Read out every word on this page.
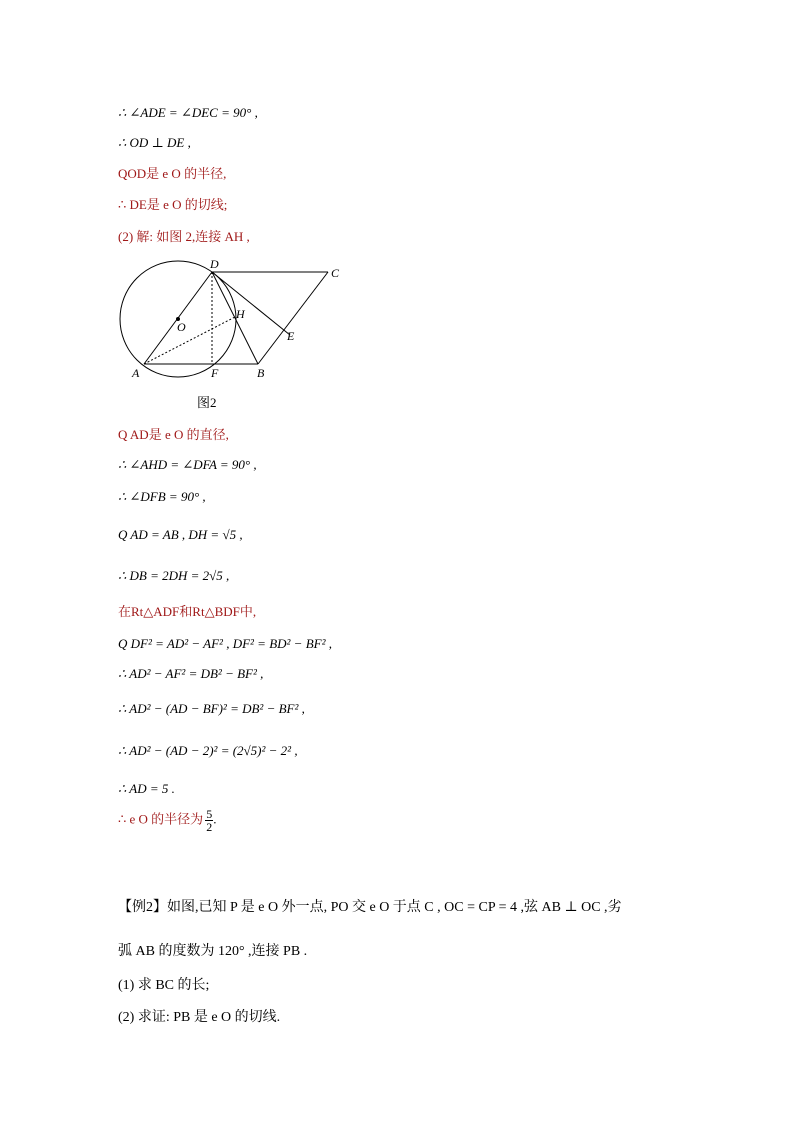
∴ ∠ADE = ∠DEC = 90° ,
∴ OD ⊥ DE ,
QOD是 e O 的半径,
∴ DE是 e O 的切线;
(2) 解: 如图 2,连接 AH ,
D
C
O
H
E
A	F	B
图2
Q AD是 e O 的直径,
∴ ∠AHD = ∠DFA = 90° ,
∴ ∠DFB = 90° ,
Q AD = AB , DH = √5 ,
∴ DB = 2DH = 2√5 ,
在Rt△ADF和Rt△BDF中,
Q DF² = AD² − AF² , DF² = BD² − BF² ,
∴ AD² − AF² = DB² − BF² ,
∴ AD² − (AD − BF)² = DB² − BF² ,
∴ AD² − (AD − 2)² = (2√5)² − 2² ,
∴ AD = 5 .
∴ e O 的半径为 $\frac{5}{2}$ .
【例2】如图,已知 P 是 e O 外一点, PO 交 e O 于点 C , OC = CP = 4 ,弦 AB ⊥ OC ,劣
弧 AB 的度数为 120° ,连接 PB .
(1) 求 BC 的长;
(2) 求证: PB 是 e O 的切线.
